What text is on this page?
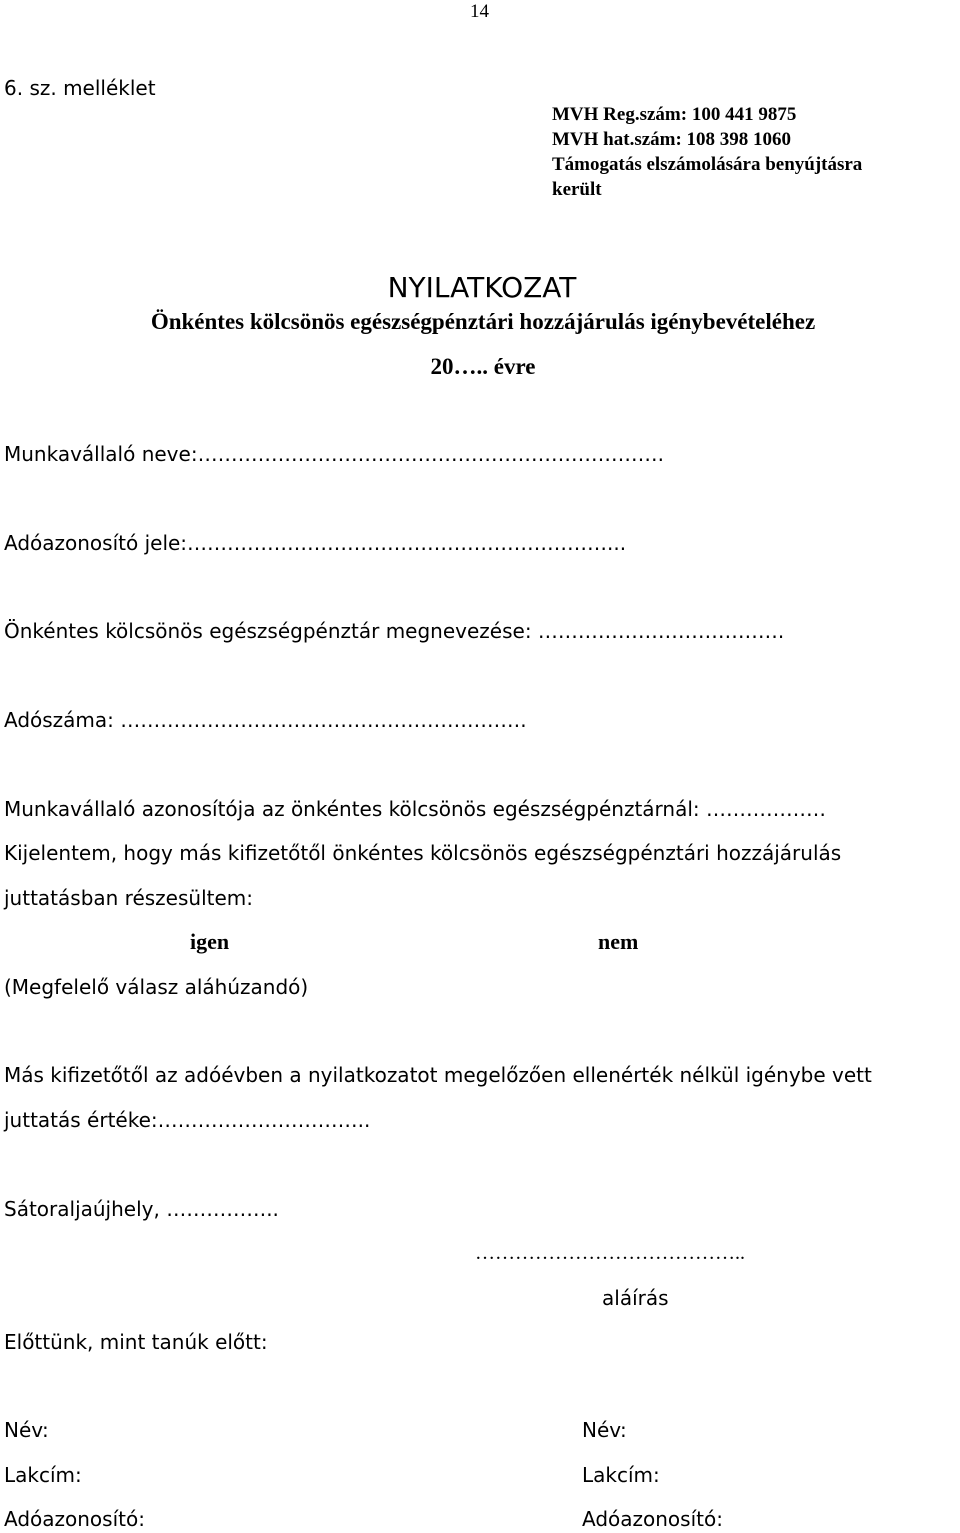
14
6. sz. melléklet
MVH Reg.szám: 100 441 9875
MVH hat.szám: 108 398 1060
Támogatás elszámolására benyújtásra
került
NYILATKOZAT
Önkéntes kölcsönös egészségpénztári hozzájárulás igénybevételéhez
20….. évre
Munkavállaló neve:…………………………………………………………….
Adóazonosító jele:………………………………………………………...
Önkéntes kölcsönös egészségpénztár megnevezése: ……………………………….
Adószáma: …………………………………………………….
Munkavállaló azonosítója az önkéntes kölcsönös egészségpénztárnál: ………………
Kijelentem, hogy más kifizetőtől önkéntes kölcsönös egészségpénztári hozzájárulás
juttatásban részesültem:
igen	nem
(Megfelelő válasz aláhúzandó)
Más kifizetőtől az adóévben a nyilatkozatot megelőzően ellenérték nélkül igénybe vett
juttatás értéke:…………………………..
Sátoraljaújhely, ……………..
…………………………………..
aláírás
Előttünk, mint tanúk előtt:
Név:
Lakcím:
Adóazonosító:
Név:
Lakcím:
Adóazonosító:
